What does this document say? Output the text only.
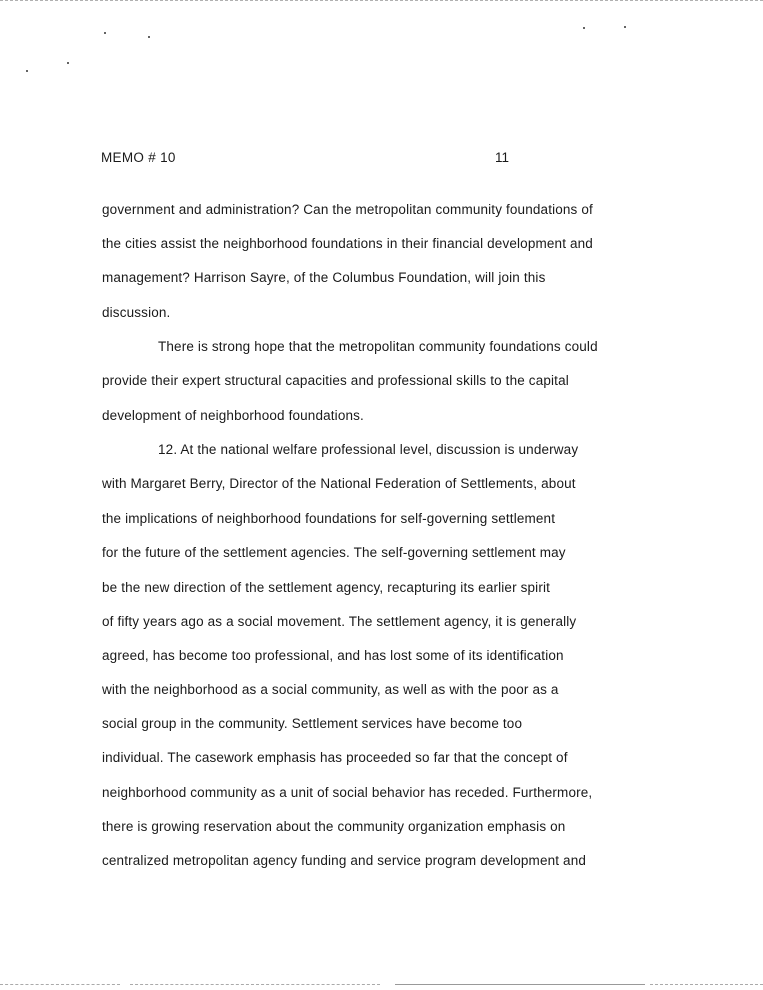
MEMO # 10	11
government and administration? Can the metropolitan community foundations of
the cities assist the neighborhood foundations in their financial development and
management? Harrison Sayre, of the Columbus Foundation, will join this
discussion.
There is strong hope that the metropolitan community foundations could
provide their expert structural capacities and professional skills to the capital
development of neighborhood foundations.
12. At the national welfare professional level, discussion is underway
with Margaret Berry, Director of the National Federation of Settlements, about
the implications of neighborhood foundations for self-governing settlement
for the future of the settlement agencies. The self-governing settlement may
be the new direction of the settlement agency, recapturing its earlier spirit
of fifty years ago as a social movement. The settlement agency, it is generally
agreed, has become too professional, and has lost some of its identification
with the neighborhood as a social community, as well as with the poor as a
social group in the community. Settlement services have become too
individual. The casework emphasis has proceeded so far that the concept of
neighborhood community as a unit of social behavior has receded. Furthermore,
there is growing reservation about the community organization emphasis on
centralized metropolitan agency funding and service program development and
